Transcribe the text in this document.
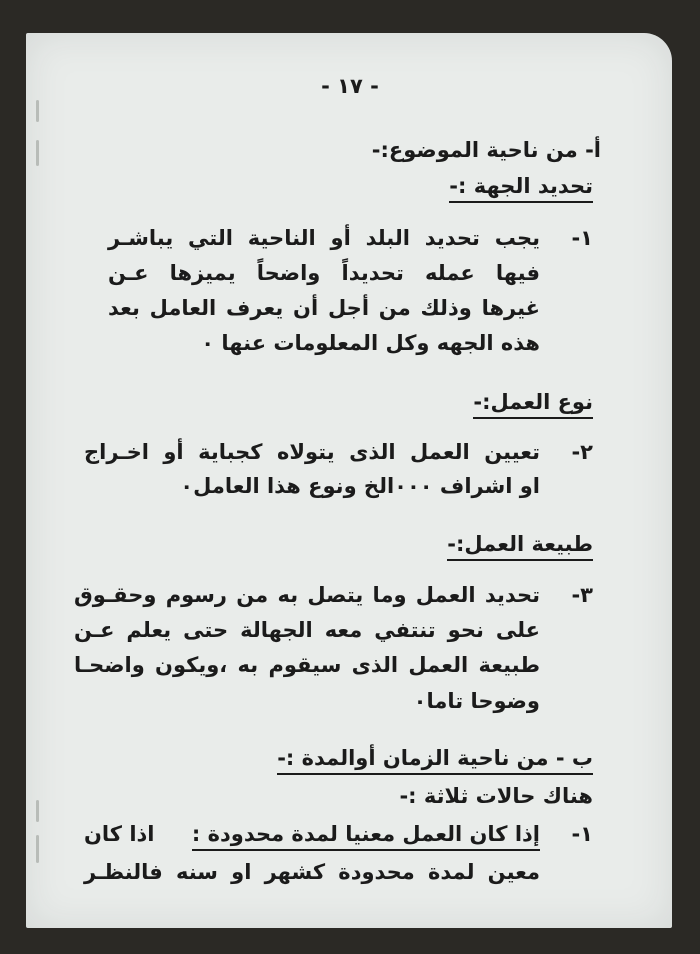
- ١٧ -
أ- من ناحية الموضوع:-
تحديد الجهة :-
١-
يجب تحديد البلد أو الناحية التي يباشـر
فيها عمله تحديداً واضحاً يميزها عـن
غيرها وذلك من أجل أن يعرف العامل بعد
هذه الجهه وكل المعلومات عنها ٠
نوع العمل:-
٢-
تعيين العمل الذى يتولاه كجباية أو اخـراج
او اشراف ٠٠٠الخ ونوع هذا العامل٠
طبيعة العمل:-
٣-
تحديد العمل وما يتصل به من رسوم وحقـوق
على نحو تنتفي معه الجهالة حتى يعلم عـن
طبيعة العمل الذى سيقوم به ،ويكون واضحـا
وضوحا تاما٠
ب - من ناحية الزمان أوالمدة :-
هناك حالات ثلاثة :-
١-
إذا كان العمل معنيا لمدة محدودة :
اذا كان
معين لمدة محدودة كشهر او سنه فالنظـر
